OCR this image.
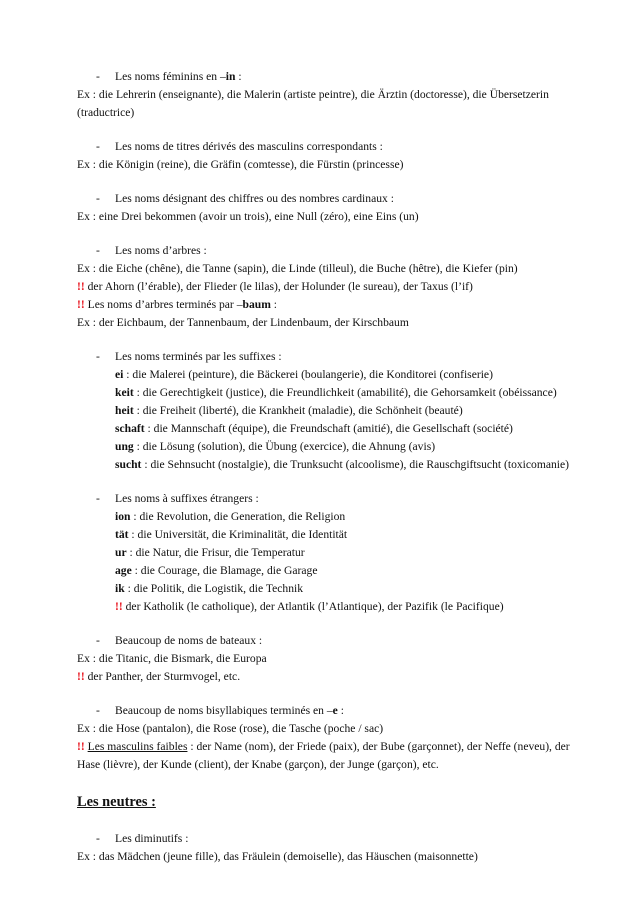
- Les noms féminins en –in :
Ex : die Lehrerin (enseignante), die Malerin (artiste peintre), die Ärztin (doctoresse), die Übersetzerin
(traductrice)
- Les noms de titres dérivés des masculins correspondants :
Ex : die Königin (reine), die Gräfin (comtesse), die Fürstin (princesse)
- Les noms désignant des chiffres ou des nombres cardinaux :
Ex : eine Drei bekommen (avoir un trois), eine Null (zéro), eine Eins (un)
- Les noms d’arbres :
Ex : die Eiche (chêne), die Tanne (sapin), die Linde (tilleul), die Buche (hêtre), die Kiefer (pin)
!! der Ahorn (l’érable), der Flieder (le lilas), der Holunder (le sureau), der Taxus (l’if)
!! Les noms d’arbres terminés par –baum :
Ex : der Eichbaum, der Tannenbaum, der Lindenbaum, der Kirschbaum
- Les noms terminés par les suffixes :
ei : die Malerei (peinture), die Bäckerei (boulangerie), die Konditorei (confiserie)
keit : die Gerechtigkeit (justice), die Freundlichkeit (amabilité), die Gehorsamkeit (obéissance)
heit : die Freiheit (liberté), die Krankheit (maladie), die Schönheit (beauté)
schaft : die Mannschaft (équipe), die Freundschaft (amitié), die Gesellschaft (société)
ung : die Lösung (solution), die Übung (exercice), die Ahnung (avis)
sucht : die Sehnsucht (nostalgie), die Trunksucht (alcoolisme), die Rauschgiftsucht (toxicomanie)
- Les noms à suffixes étrangers :
ion : die Revolution, die Generation, die Religion
tät : die Universität, die Kriminalität, die Identität
ur : die Natur, die Frisur, die Temperatur
age : die Courage, die Blamage, die Garage
ik : die Politik, die Logistik, die Technik
!! der Katholik (le catholique), der Atlantik (l’Atlantique), der Pazifik (le Pacifique)
- Beaucoup de noms de bateaux :
Ex : die Titanic, die Bismark, die Europa
!! der Panther, der Sturmvogel, etc.
- Beaucoup de noms bisyllabiques terminés en –e :
Ex : die Hose (pantalon), die Rose (rose), die Tasche (poche / sac)
!! Les masculins faibles : der Name (nom), der Friede (paix), der Bube (garçonnet), der Neffe (neveu), der
Hase (lièvre), der Kunde (client), der Knabe (garçon), der Junge (garçon), etc.
Les neutres :
- Les diminutifs :
Ex : das Mädchen (jeune fille), das Fräulein (demoiselle), das Häuschen (maisonnette)
